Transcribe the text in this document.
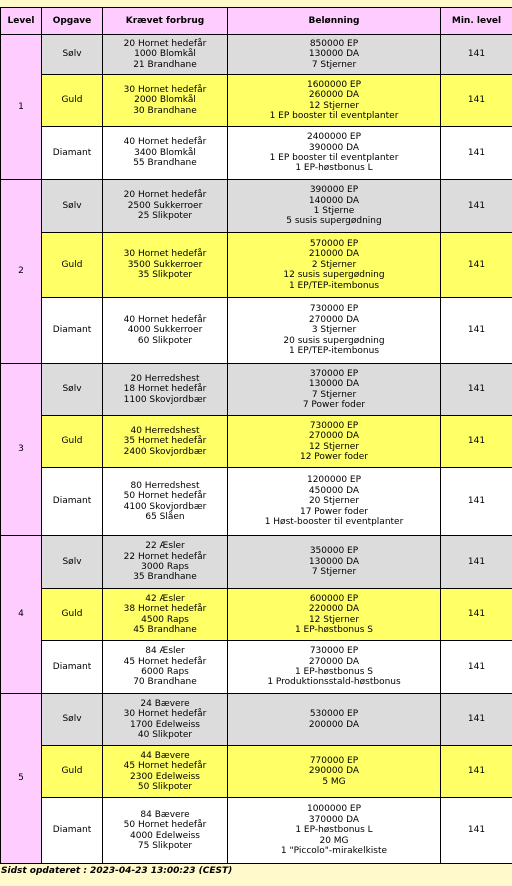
Level	Opgave	Krævet forbrug	Belønning	Min. level
1	Sølv	20 Hornet hedefår
1000 Blomkål
21 Brandhane	850000 EP
130000 DA
7 Stjerner	141
	Guld	30 Hornet hedefår
2000 Blomkål
30 Brandhane	1600000 EP
260000 DA
12 Stjerner
1 EP booster til eventplanter	141
	Diamant	40 Hornet hedefår
3400 Blomkål
55 Brandhane	2400000 EP
390000 DA
1 EP booster til eventplanter
1 EP-høstbonus L	141
2	Sølv	20 Hornet hedefår
2500 Sukkerroer
25 Slikpoter	390000 EP
140000 DA
1 Stjerne
5 susis supergødning	141
	Guld	30 Hornet hedefår
3500 Sukkerroer
35 Slikpoter	570000 EP
210000 DA
2 Stjerner
12 susis supergødning
1 EP/TEP-itembonus	141
	Diamant	40 Hornet hedefår
4000 Sukkerroer
60 Slikpoter	730000 EP
270000 DA
3 Stjerner
20 susis supergødning
1 EP/TEP-itembonus	141
3	Sølv	20 Herredshest
18 Hornet hedefår
1100 Skovjordbær	370000 EP
130000 DA
7 Stjerner
7 Power foder	141
	Guld	40 Herredshest
35 Hornet hedefår
2400 Skovjordbær	730000 EP
270000 DA
12 Stjerner
12 Power foder	141
	Diamant	80 Herredshest
50 Hornet hedefår
4100 Skovjordbær
65 Slåen	1200000 EP
450000 DA
20 Stjerner
17 Power foder
1 Høst-booster til eventplanter	141
4	Sølv	22 Æsler
22 Hornet hedefår
3000 Raps
35 Brandhane	350000 EP
130000 DA
7 Stjerner	141
	Guld	42 Æsler
38 Hornet hedefår
4500 Raps
45 Brandhane	600000 EP
220000 DA
12 Stjerner
1 EP-høstbonus S	141
	Diamant	84 Æsler
45 Hornet hedefår
6000 Raps
70 Brandhane	730000 EP
270000 DA
1 EP-høstbonus S
1 Produktionsstald-høstbonus	141
5	Sølv	24 Bævere
30 Hornet hedefår
1700 Edelweiss
40 Slikpoter	530000 EP
200000 DA	141
	Guld	44 Bævere
45 Hornet hedefår
2300 Edelweiss
50 Slikpoter	770000 EP
290000 DA
5 MG	141
	Diamant	84 Bævere
50 Hornet hedefår
4000 Edelweiss
75 Slikpoter	1000000 EP
370000 DA
1 EP-høstbonus L
20 MG
1 "Piccolo"-mirakelkiste	141
Sidst opdateret : 2023-04-23 13:00:23 (CEST)
